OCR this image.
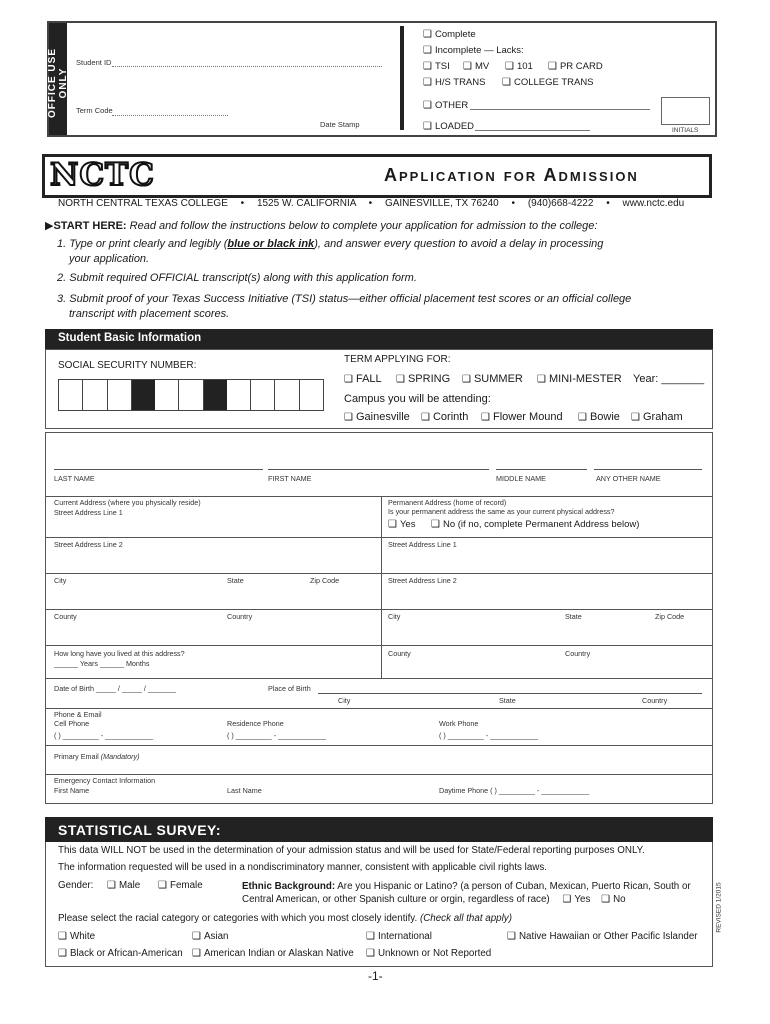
OFFICE USE ONLY
Student ID
Term Code
Date Stamp
❑ Complete
❑ Incomplete — Lacks:
❑ TSI	❑ MV	❑ 101	❑ PR CARD
❑ H/S TRANS	❑ COLLEGE TRANS
❑ OTHER
❑ LOADED	INITIALS
NCTC	Application for Admission
NORTH CENTRAL TEXAS COLLEGE • 1525 W. CALIFORNIA • GAINESVILLE, TX 76240 • (940)668-4222 • www.nctc.edu
▶START HERE: Read and follow the instructions below to complete your application for admission to the college:
1. Type or print clearly and legibly (blue or black ink), and answer every question to avoid a delay in processing
your application.
2. Submit required OFFICIAL transcript(s) along with this application form.
3. Submit proof of your Texas Success Initiative (TSI) status—either official placement test scores or an official college
transcript with placement scores.
Student Basic Information
SOCIAL SECURITY NUMBER:
TERM APPLYING FOR:
❑ FALL	❑ SPRING	❑ SUMMER	❑ MINI-MESTER Year: _______
Campus you will be attending:
❑ Gainesville	❑ Corinth	❑ Flower Mound	❑ Bowie	❑ Graham
LAST NAME	FIRST NAME	MIDDLE NAME	ANY OTHER NAME
Current Address (where you physically reside)
Street Address Line 1
Street Address Line 2
City	State	Zip Code
County	Country
How long have you lived at this address?
______ Years ______ Months
Permanent Address (home of record)
Is your permanent address the same as your current physical address?
❑ Yes	❑ No (if no, complete Permanent Address below)
Street Address Line 1
Street Address Line 2
City	State	Zip Code
County	Country
Date of Birth _____ / _____ / _______	Place of Birth
City	State	Country
Phone & Email
Cell Phone
( ) _________ - ____________
Residence Phone
( ) _________ - ____________
Work Phone
( ) _________ - ____________
Primary Email (Mandatory)
Emergency Contact Information
First Name	Last Name	Daytime Phone ( ) _________ - ____________
STATISTICAL SURVEY:
This data WILL NOT be used in the determination of your admission status and will be used for State/Federal reporting purposes ONLY.
The information requested will be used in a nondiscriminatory manner, consistent with applicable civil rights laws.
Gender:	❑ Male	❑ Female	Ethnic Background: Are you Hispanic or Latino? (a person of Cuban, Mexican, Puerto Rican, South or
Central American, or other Spanish culture or orgin, regardless of race)	❑ Yes ❑ No
Please select the racial category or categories with which you most closely identify. (Check all that apply)
❑ White	❑ Asian	❑ International	❑ Native Hawaiian or Other Pacific Islander
❑ Black or African-American	❑ American Indian or Alaskan Native	❑ Unknown or Not Reported
REVISED 1/2015
-1-
